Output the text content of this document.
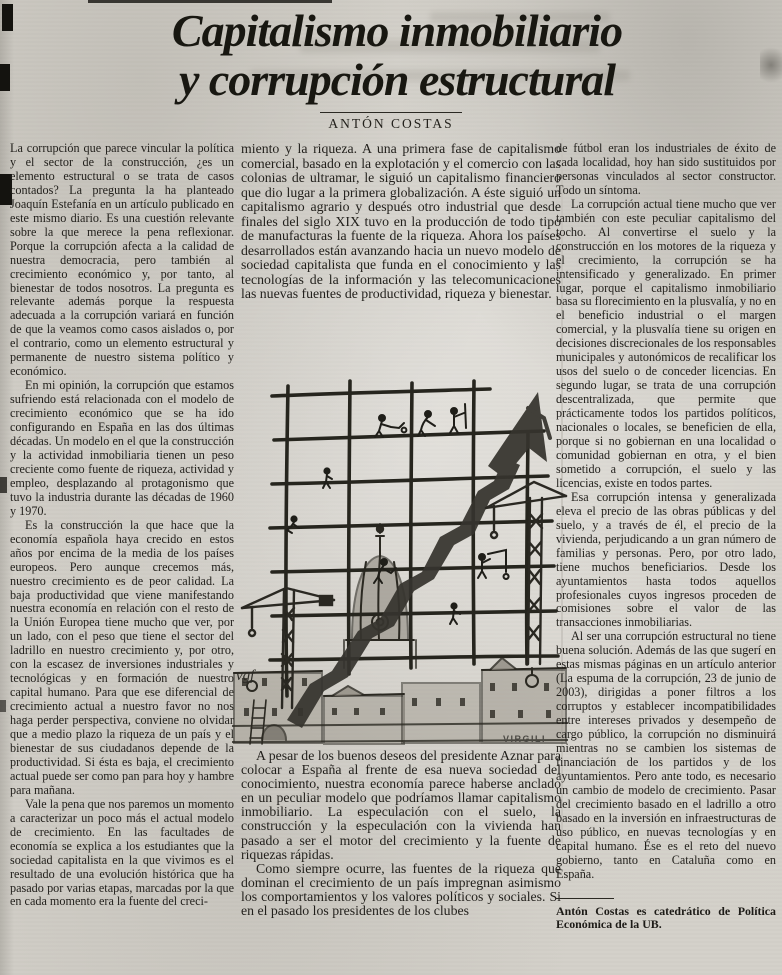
Capitalismo inmobiliario
y corrupción estructural
ANTÓN COSTAS

La corrupción que parece vincular la política y el sector de la construcción, ¿es un elemento estructural o se trata de casos contados? La pregunta la ha planteado Joaquín Estefanía en un artículo publicado en este mismo diario. Es una cuestión relevante sobre la que merece la pena reflexionar. Porque la corrupción afecta a la calidad de nuestra democracia, pero también al crecimiento económico y, por tanto, al bienestar de todos nosotros. La pregunta es relevante además porque la respuesta adecuada a la corrupción variará en función de que la veamos como casos aislados o, por el contrario, como un elemento estructural y permanente de nuestro sistema político y económico.

En mi opinión, la corrupción que estamos sufriendo está relacionada con el modelo de crecimiento económico que se ha ido configurando en España en las dos últimas décadas. Un modelo en el que la construcción y la actividad inmobiliaria tienen un peso creciente como fuente de riqueza, actividad y empleo, desplazando al protagonismo que tuvo la industria durante las décadas de 1960 y 1970.

Es la construcción la que hace que la economía española haya crecido en estos años por encima de la media de los países europeos. Pero aunque crecemos más, nuestro crecimiento es de peor calidad. La baja productividad que viene manifestando nuestra economía en relación con el resto de la Unión Europea tiene mucho que ver, por un lado, con el peso que tiene el sector del ladrillo en nuestro crecimiento y, por otro, con la escasez de inversiones industriales y tecnológicas y en formación de nuestro capital humano. Para que ese diferencial de crecimiento actual a nuestro favor no nos haga perder perspectiva, conviene no olvidar que a medio plazo la riqueza de un país y el bienestar de sus ciudadanos depende de la productividad. Si ésta es baja, el crecimiento actual puede ser como pan para hoy y hambre para mañana.

Vale la pena que nos paremos un momento a caracterizar un poco más el actual modelo de crecimiento. En las facultades de economía se explica a los estudiantes que la sociedad capitalista en la que vivimos es el resultado de una evolución histórica que ha pasado por varias etapas, marcadas por la que en cada momento era la fuente del creci-

miento y la riqueza. A una primera fase de capitalismo comercial, basado en la explotación y el comercio con las colonias de ultramar, le siguió un capitalismo financiero que dio lugar a la primera globalización. A éste siguió un capitalismo agrario y después otro industrial que desde finales del siglo XIX tuvo en la producción de todo tipo de manufacturas la fuente de la riqueza. Ahora los países desarrollados están avanzando hacia un nuevo modelo de sociedad capitalista que funda en el conocimiento y las tecnologías de la información y las telecomunicaciones las nuevas fuentes de productividad, riqueza y bienestar.

vgf
VIRGILI

A pesar de los buenos deseos del presidente Aznar para colocar a España al frente de esa nueva sociedad del conocimiento, nuestra economía parece haberse anclado en un peculiar modelo que podríamos llamar capitalismo inmobiliario. La especulación con el suelo, la construcción y la especulación con la vivienda han pasado a ser el motor del crecimiento y la fuente de riquezas rápidas.

Como siempre ocurre, las fuentes de la riqueza que dominan el crecimiento de un país impregnan asimismo los comportamientos y los valores políticos y sociales. Si en el pasado los presidentes de los clubes

de fútbol eran los industriales de éxito de cada localidad, hoy han sido sustituidos por personas vinculados al sector constructor. Todo un síntoma.

La corrupción actual tiene mucho que ver también con este peculiar capitalismo del tocho. Al convertirse el suelo y la construcción en los motores de la riqueza y el crecimiento, la corrupción se ha intensificado y generalizado. En primer lugar, porque el capitalismo inmobiliario basa su florecimiento en la plusvalía, y no en el beneficio industrial o el margen comercial, y la plusvalía tiene su origen en decisiones discrecionales de los responsables municipales y autonómicos de recalificar los usos del suelo o de conceder licencias. En segundo lugar, se trata de una corrupción descentralizada, que permite que prácticamente todos los partidos políticos, nacionales o locales, se beneficien de ella, porque si no gobiernan en una localidad o comunidad gobiernan en otra, y el bien sometido a corrupción, el suelo y las licencias, existe en todos partes.

Esa corrupción intensa y generalizada eleva el precio de las obras públicas y del suelo, y a través de él, el precio de la vivienda, perjudicando a un gran número de familias y personas. Pero, por otro lado, tiene muchos beneficiarios. Desde los ayuntamientos hasta todos aquellos profesionales cuyos ingresos proceden de comisiones sobre el valor de las transacciones inmobiliarias.

Al ser una corrupción estructural no tiene buena solución. Además de las que sugerí en estas mismas páginas en un artículo anterior (La espuma de la corrupción, 23 de junio de 2003), dirigidas a poner filtros a los corruptos y establecer incompatibilidades entre intereses privados y desempeño de cargo público, la corrupción no disminuirá mientras no se cambien los sistemas de financiación de los partidos y de los ayuntamientos. Pero ante todo, es necesario un cambio de modelo de crecimiento. Pasar del crecimiento basado en el ladrillo a otro basado en la inversión en infraestructuras de uso público, en nuevas tecnologías y en capital humano. Ése es el reto del nuevo gobierno, tanto en Cataluña como en España.

Antón Costas es catedrático de Política Económica de la UB.
